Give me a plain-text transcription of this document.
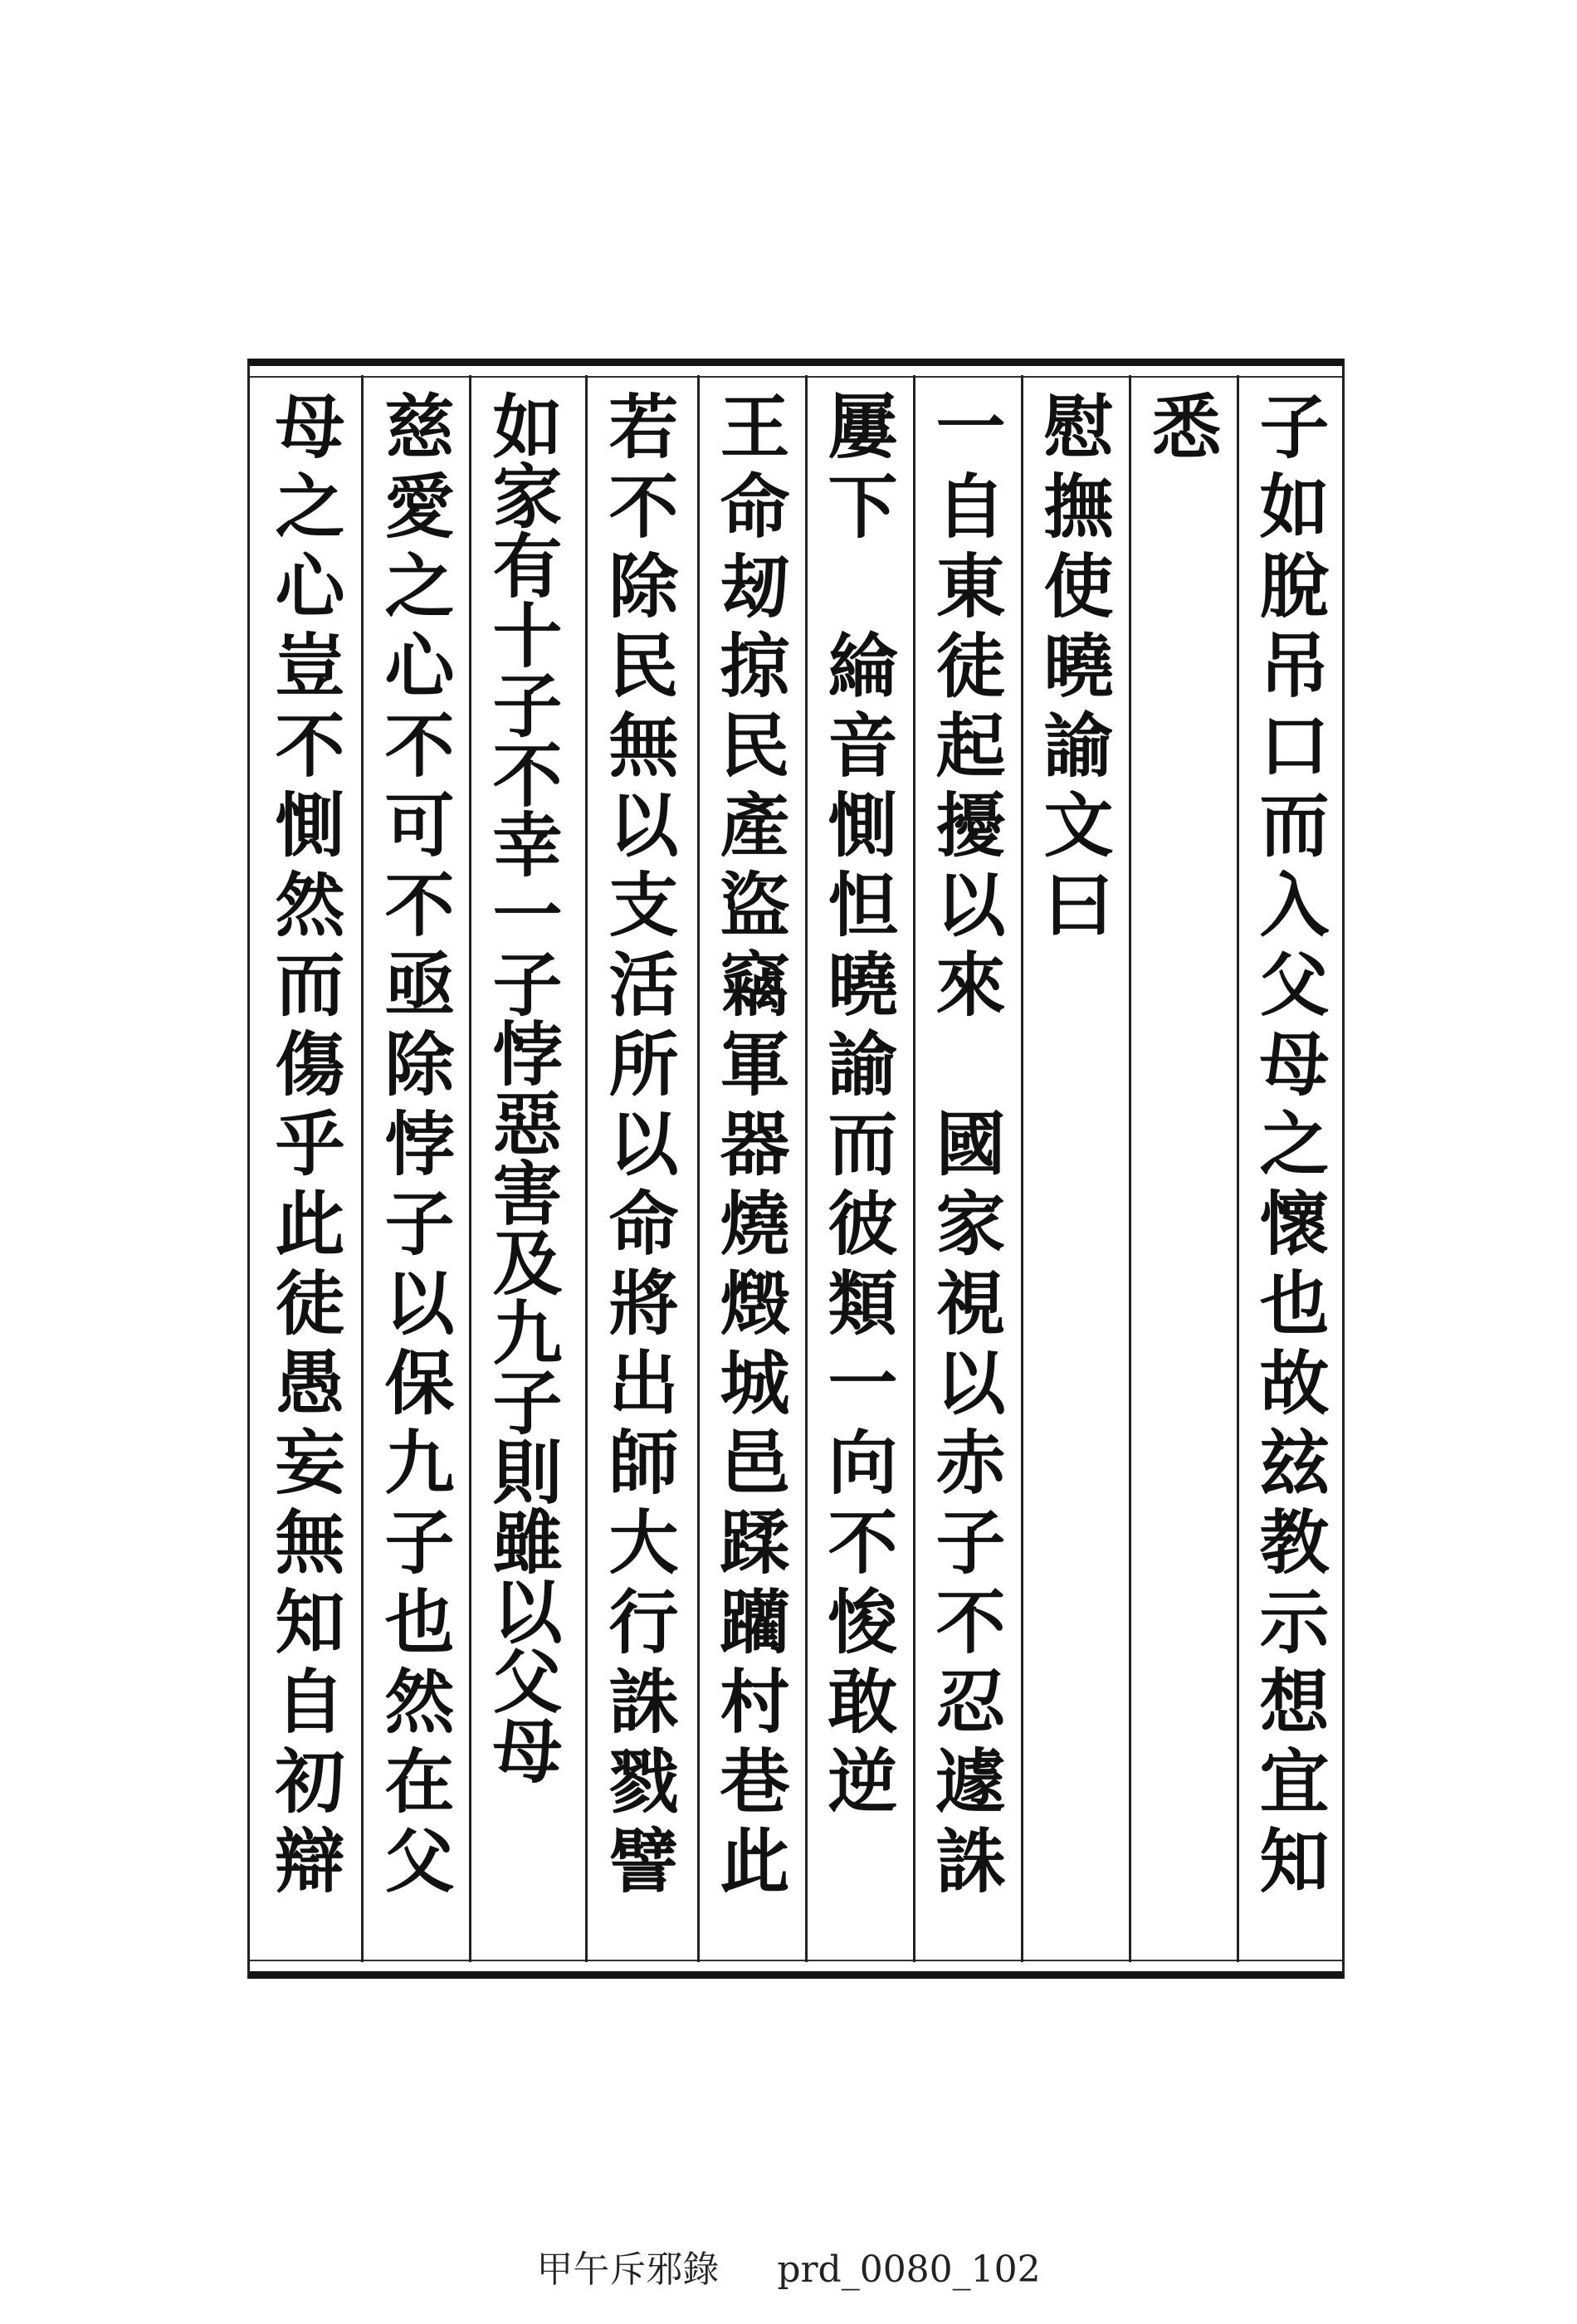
子如脫吊口而入父母之懷也故玆教示想宜知
悉
慰撫使曉諭文曰
一自東徒起擾以來　國家視以赤子不忍遽誅
屢下　綸音惻怛曉諭而彼類一向不悛敢逆
王命刼掠民產盜竊軍器燒燬城邑蹂躪村巷此
若不除民無以支活所以命將出師大行誅戮譬
如家有十子不幸一子悖惡害及九子則雖以父母
慈愛之心不可不亟除悖子以保九子也然在父
母之心豈不惻然而傷乎此徒愚妄無知自初辯
甲午斥邪錄 prd_0080_102
